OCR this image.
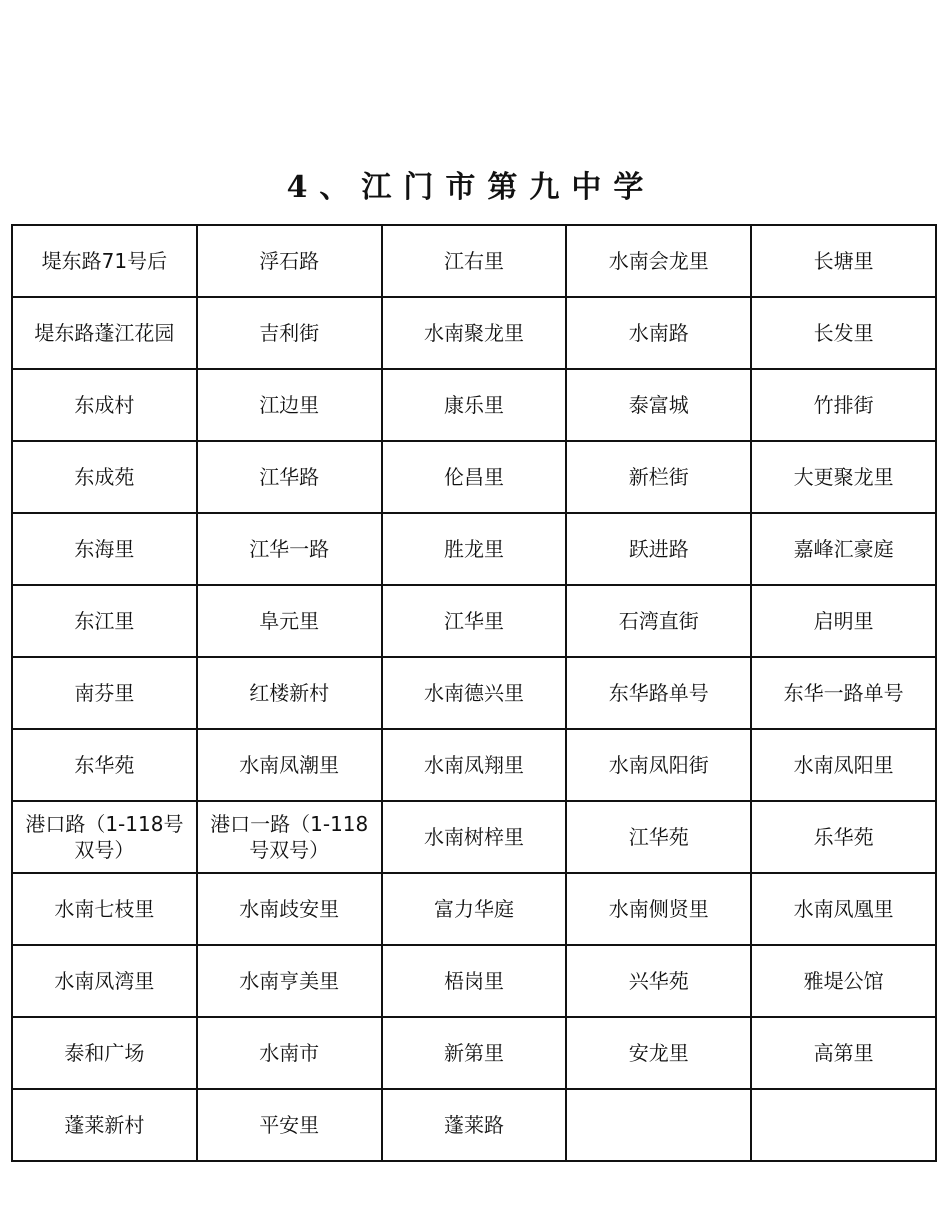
4、江门市第九中学
堤东路71号后	浮石路	江右里	水南会龙里	长塘里
堤东路蓬江花园	吉利街	水南聚龙里	水南路	长发里
东成村	江边里	康乐里	泰富城	竹排街
东成苑	江华路	伦昌里	新栏街	大更聚龙里
东海里	江华一路	胜龙里	跃进路	嘉峰汇豪庭
东江里	阜元里	江华里	石湾直街	启明里
南芬里	红楼新村	水南德兴里	东华路单号	东华一路单号
东华苑	水南凤潮里	水南凤翔里	水南凤阳街	水南凤阳里
港口路（1-118号双号）	港口一路（1-118号双号）	水南树梓里	江华苑	乐华苑
水南七枝里	水南歧安里	富力华庭	水南侧贤里	水南凤凰里
水南凤湾里	水南亨美里	梧岗里	兴华苑	雅堤公馆
泰和广场	水南市	新第里	安龙里	高第里
蓬莱新村	平安里	蓬莱路		
